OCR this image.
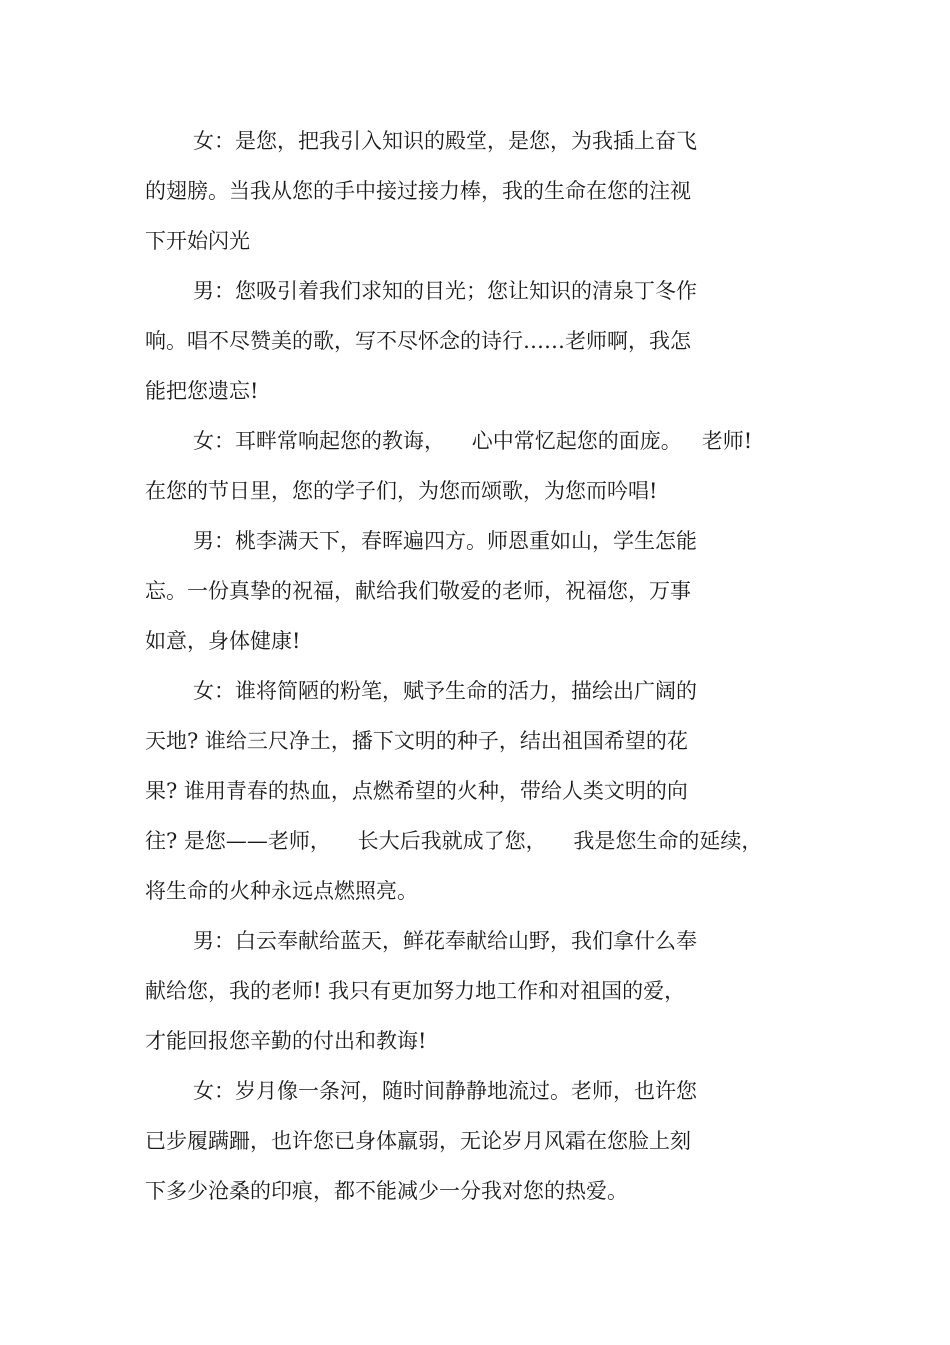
女：是您，把我引入知识的殿堂，是您，为我插上奋飞
的翅膀。当我从您的手中接过接力棒，我的生命在您的注视
下开始闪光
男：您吸引着我们求知的目光；您让知识的清泉丁冬作
响。唱不尽赞美的歌，写不尽怀念的诗行……老师啊，我怎
能把您遗忘!
女：耳畔常响起您的教诲，    心中常忆起您的面庞。   老师!
在您的节日里，您的学子们，为您而颂歌，为您而吟唱!
男：桃李满天下，春晖遍四方。师恩重如山，学生怎能
忘。一份真挚的祝福，献给我们敬爱的老师，祝福您，万事
如意，身体健康!
女：谁将简陋的粉笔，赋予生命的活力，描绘出广阔的
天地? 谁给三尺净土，播下文明的种子，结出祖国希望的花
果? 谁用青春的热血，点燃希望的火种，带给人类文明的向
往? 是您——老师，    长大后我就成了您，    我是您生命的延续，
将生命的火种永远点燃照亮。
男：白云奉献给蓝天，鲜花奉献给山野，我们拿什么奉
献给您，我的老师! 我只有更加努力地工作和对祖国的爱，
才能回报您辛勤的付出和教诲!
女：岁月像一条河，随时间静静地流过。老师，也许您
已步履蹒跚，也许您已身体羸弱，无论岁月风霜在您脸上刻
下多少沧桑的印痕，都不能减少一分我对您的热爱。
